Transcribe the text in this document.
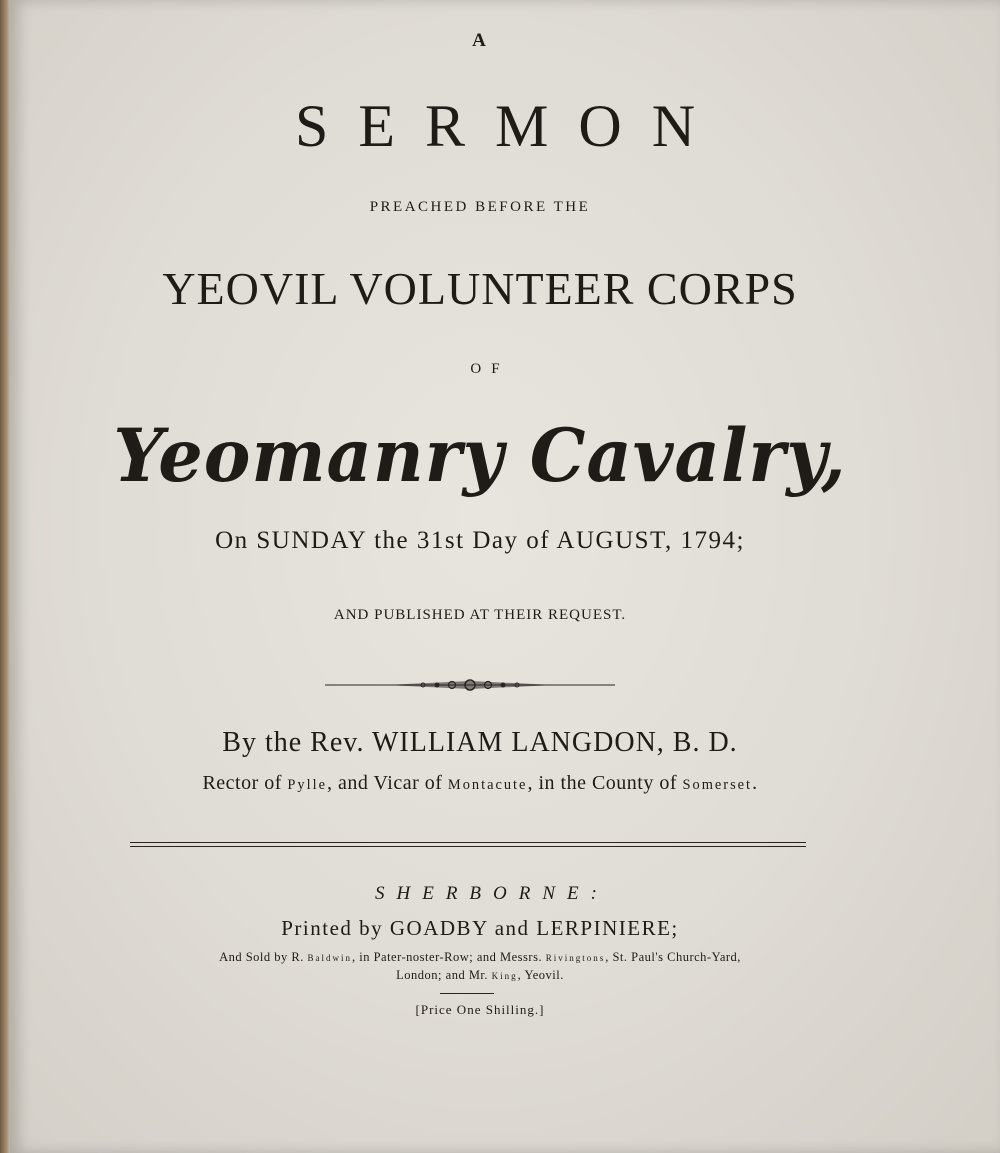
A
SERMON
PREACHED BEFORE THE
YEOVIL VOLUNTEER CORPS
OF
Yeomanry Cavalry,
On SUNDAY the 31st Day of AUGUST, 1794;
AND PUBLISHED AT THEIR REQUEST.
By the Rev. WILLIAM LANGDON, B. D.
Rector of Pylle, and Vicar of Montacute, in the County of Somerset.
SHERBORNE:
Printed by GOADBY and LERPINIERE;
And Sold by R. Baldwin, in Pater-noster-Row; and Messrs. Rivingtons, St. Paul's Church-Yard,
London; and Mr. King, Yeovil.
[Price One Shilling.]
